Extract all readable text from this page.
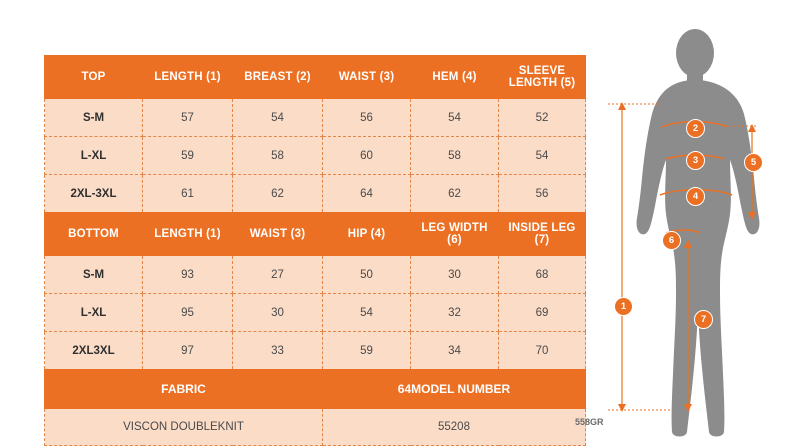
TOP	LENGTH (1)	BREAST (2)	WAIST (3)	HEM (4)	SLEEVE LENGTH (5)
S-M	57	54	56	54	52
L-XL	59	58	60	58	54
2XL-3XL	61	62	64	62	56
BOTTOM	LENGTH (1)	WAIST (3)	HIP (4)	LEG WIDTH (6)	INSIDE LEG (7)
S-M	93	27	50	30	68
L-XL	95	30	54	32	69
2XL3XL	97	33	59	34	70
FABRIC			64MODEL NUMBER		
VISCON DOUBLEKNIT			55208			558GR
2
3
4
5
6
7
1
